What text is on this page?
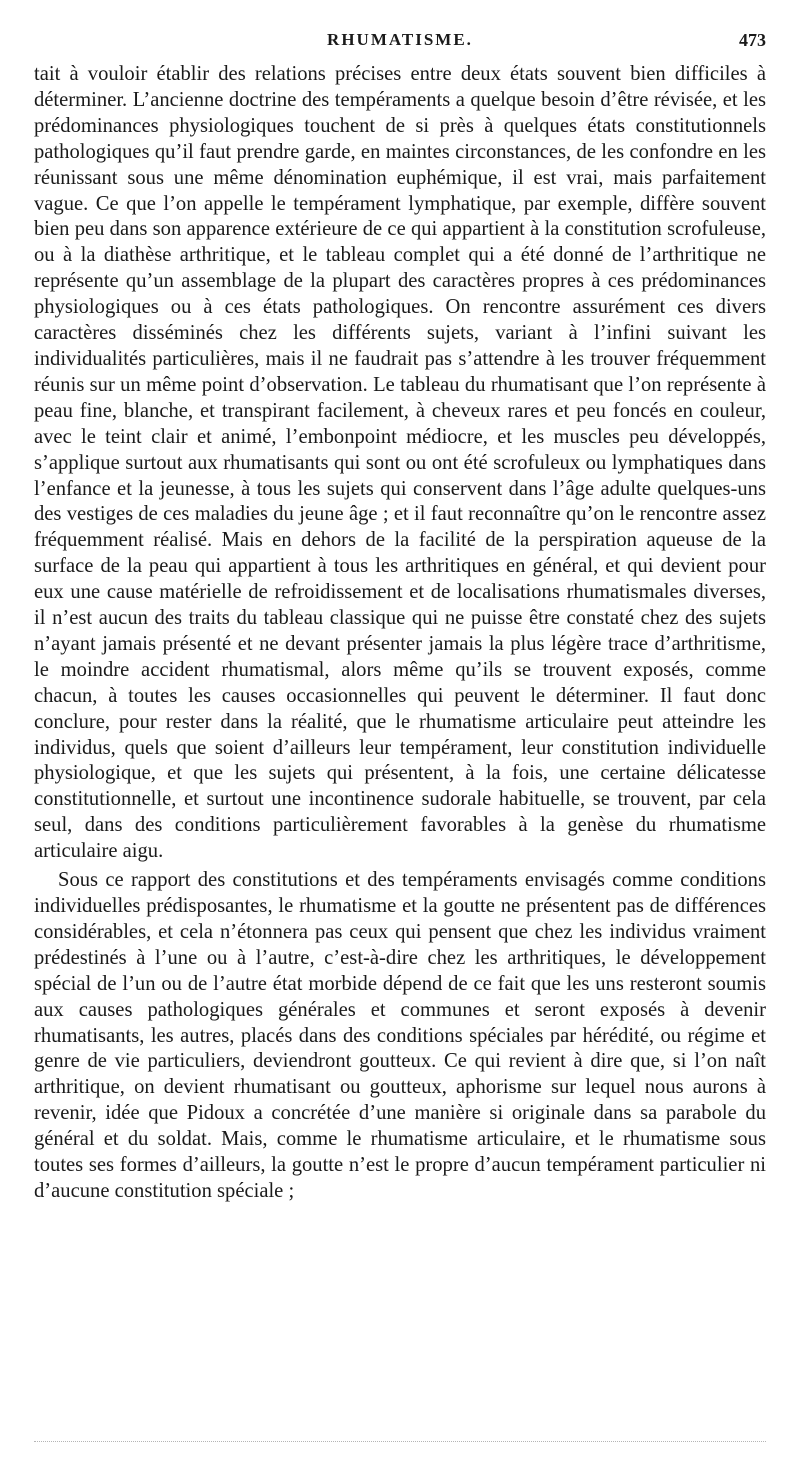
RHUMATISME.	473

tait à vouloir établir des relations précises entre deux états souvent bien difficiles à déterminer. L’ancienne doctrine des tempéraments a quelque besoin d’être révisée, et les prédominances physiologiques touchent de si près à quelques états constitutionnels pathologiques qu’il faut prendre garde, en maintes circonstances, de les confondre en les réunissant sous une même dénomination euphémique, il est vrai, mais parfaitement vague. Ce que l’on appelle le tempérament lymphatique, par exemple, diffère souvent bien peu dans son apparence extérieure de ce qui appartient à la constitution scrofuleuse, ou à la diathèse arthritique, et le tableau complet qui a été donné de l’arthritique ne représente qu’un assemblage de la plupart des caractères propres à ces prédominances physiologiques ou à ces états pathologiques. On rencontre assurément ces divers caractères disséminés chez les différents sujets, variant à l’infini suivant les individualités particulières, mais il ne faudrait pas s’attendre à les trouver fréquemment réunis sur un même point d’observation. Le tableau du rhumatisant que l’on représente à peau fine, blanche, et transpirant facilement, à cheveux rares et peu foncés en couleur, avec le teint clair et animé, l’embonpoint médiocre, et les muscles peu développés, s’applique surtout aux rhumatisants qui sont ou ont été scrofuleux ou lymphatiques dans l’enfance et la jeunesse, à tous les sujets qui conservent dans l’âge adulte quelques-uns des vestiges de ces maladies du jeune âge ; et il faut reconnaître qu’on le rencontre assez fréquemment réalisé. Mais en dehors de la facilité de la perspiration aqueuse de la surface de la peau qui appartient à tous les arthritiques en général, et qui devient pour eux une cause matérielle de refroidissement et de localisations rhumatismales diverses, il n’est aucun des traits du tableau classique qui ne puisse être constaté chez des sujets n’ayant jamais présenté et ne devant présenter jamais la plus légère trace d’arthritisme, le moindre accident rhumatismal, alors même qu’ils se trouvent exposés, comme chacun, à toutes les causes occasionnelles qui peuvent le déterminer. Il faut donc conclure, pour rester dans la réalité, que le rhumatisme articulaire peut atteindre les individus, quels que soient d’ailleurs leur tempérament, leur constitution individuelle physiologique, et que les sujets qui présentent, à la fois, une certaine délicatesse constitutionnelle, et surtout une incontinence sudorale habituelle, se trouvent, par cela seul, dans des conditions particulièrement favorables à la genèse du rhumatisme articulaire aigu.

Sous ce rapport des constitutions et des tempéraments envisagés comme conditions individuelles prédisposantes, le rhumatisme et la goutte ne présentent pas de différences considérables, et cela n’étonnera pas ceux qui pensent que chez les individus vraiment prédestinés à l’une ou à l’autre, c’est-à-dire chez les arthritiques, le développement spécial de l’un ou de l’autre état morbide dépend de ce fait que les uns resteront soumis aux causes pathologiques générales et communes et seront exposés à devenir rhumatisants, les autres, placés dans des conditions spéciales par hérédité, ou régime et genre de vie particuliers, deviendront goutteux. Ce qui revient à dire que, si l’on naît arthritique, on devient rhumatisant ou goutteux, aphorisme sur lequel nous aurons à revenir, idée que Pidoux a concrétée d’une manière si originale dans sa parabole du général et du soldat. Mais, comme le rhumatisme articulaire, et le rhumatisme sous toutes ses formes d’ailleurs, la goutte n’est le propre d’aucun tempérament particulier ni d’aucune constitution spéciale ;
